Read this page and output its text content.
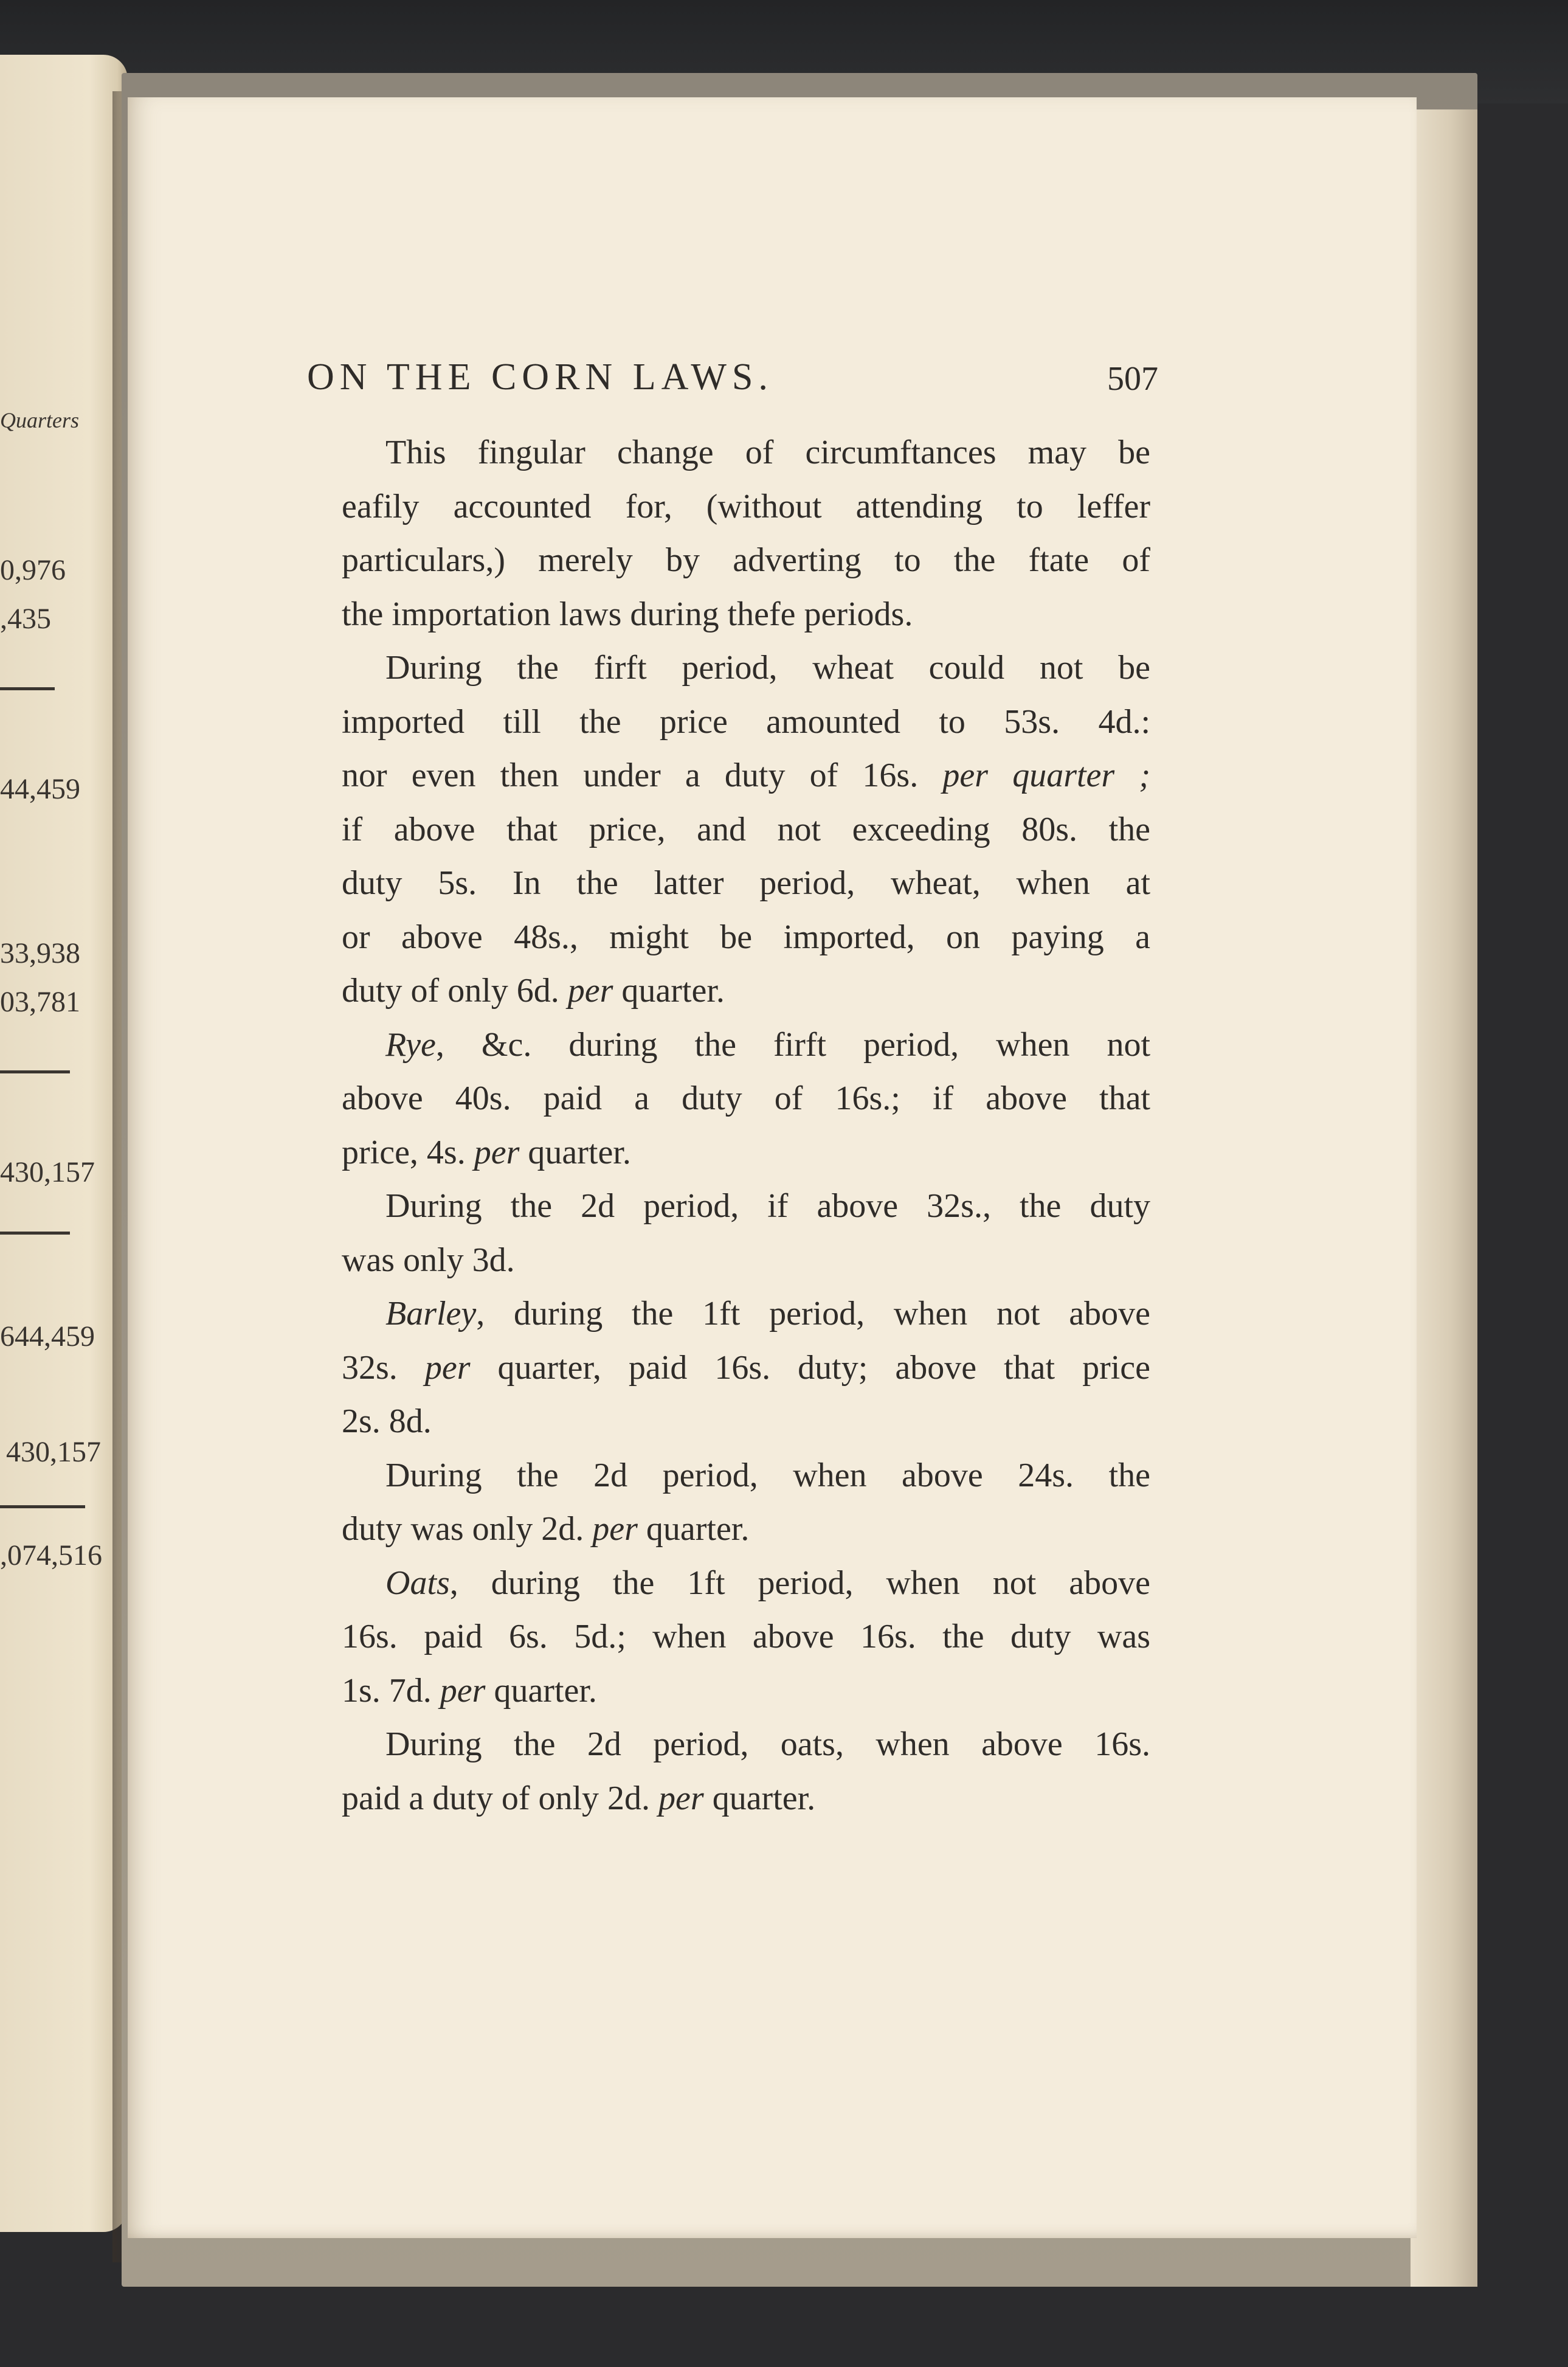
Quarters
0,976
,435
44,459
33,938
03,781
430,157
644,459
430,157
,074,516
ON THE CORN LAWS.	507
This fingular change of circumftances may be
eafily accounted for, (without attending to leffer
particulars,) merely by adverting to the ftate of
the importation laws during thefe periods.
During the firft period, wheat could not be
imported till the price amounted to 53s. 4d.:
nor even then under a duty of 16s. per quarter ;
if above that price, and not exceeding 80s. the
duty 5s. In the latter period, wheat, when at
or above 48s., might be imported, on paying a
duty of only 6d. per quarter.
Rye, &c. during the firft period, when not
above 40s. paid a duty of 16s.; if above that
price, 4s. per quarter.
During the 2d period, if above 32s., the duty
was only 3d.
Barley, during the 1ft period, when not above
32s. per quarter, paid 16s. duty; above that price
2s. 8d.
During the 2d period, when above 24s. the
duty was only 2d. per quarter.
Oats, during the 1ft period, when not above
16s. paid 6s. 5d.; when above 16s. the duty was
1s. 7d. per quarter.
During the 2d period, oats, when above 16s.
paid a duty of only 2d. per quarter.
